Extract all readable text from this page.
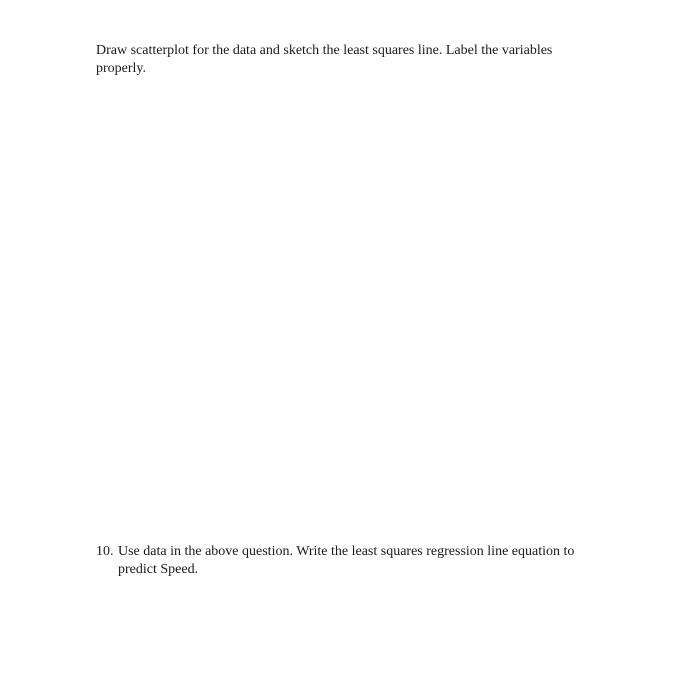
Draw scatterplot for the data and sketch the least squares line. Label the variables properly.

10. Use data in the above question. Write the least squares regression line equation to predict Speed.
